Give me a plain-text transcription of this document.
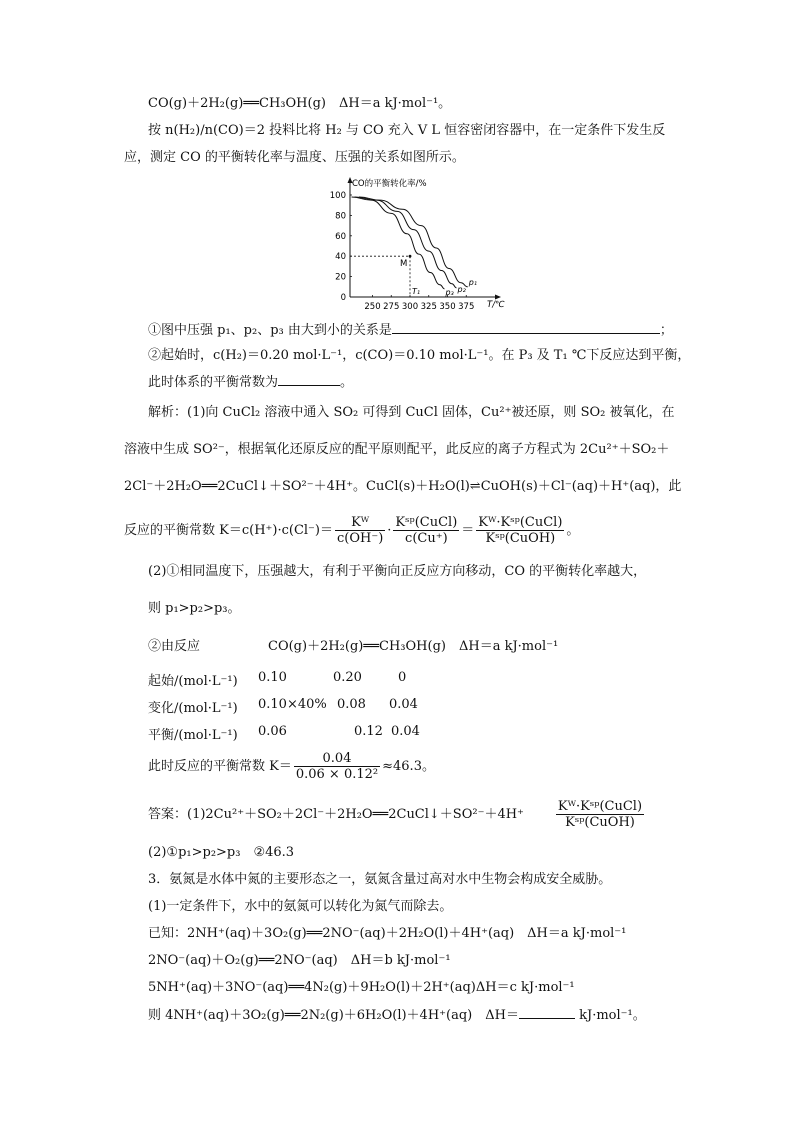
CO(g)＋2H₂(g)══CH₃OH(g)　ΔH＝a kJ·mol⁻¹。
按 n(H₂)/n(CO)＝2 投料比将 H₂ 与 CO 充入 V L 恒容密闭容器中，在一定条件下发生反
应，测定 CO 的平衡转化率与温度、压强的关系如图所示。
CO的平衡转化率/%
T/℃
0
20
40
60
80
100
250 275 300 325 350 375
p₁
p₂
p₃
M
T₁
①图中压强 p₁、p₂、p₃ 由大到小的关系是	；
②起始时，c(H₂)＝0.20 mol·L⁻¹，c(CO)＝0.10 mol·L⁻¹。在 P₃ 及 T₁ ℃下反应达到平衡，
此时体系的平衡常数为	。
解析：(1)向 CuCl₂ 溶液中通入 SO₂ 可得到 CuCl 固体，Cu²⁺被还原，则 SO₂ 被氧化，在
溶液中生成 SO²⁻，根据氧化还原反应的配平原则配平，此反应的离子方程式为 2Cu²⁺＋SO₂＋
2Cl⁻＋2H₂O══2CuCl↓＋SO²⁻＋4H⁺。CuCl(s)＋H₂O(l)⇌CuOH(s)＋Cl⁻(aq)＋H⁺(aq)，此
反应的平衡常数 $K=c(H^+)\cdot c(Cl^-)= \frac{\text{Kᵂ}}{c(OH^-)} \cdot \frac{\text{Kˢᵖ(CuCl)}}{c(Cu^+)} = \frac{\text{Kᵂ·Kˢᵖ(CuCl)}}{\text{Kˢᵖ(CuOH)}}$ 。
(2)①相同温度下，压强越大，有利于平衡向正反应方向移动，CO 的平衡转化率越大，
则 p₁>p₂>p₃。
②由反应	CO(g)＋2H₂(g)══CH₃OH(g)　ΔH＝a kJ·mol⁻¹
起始/(mol·L⁻¹) 0.10	0.20	0
变化/(mol·L⁻¹) 0.10×40% 0.08 0.04
平衡/(mol·L⁻¹) 0.06	0.12 0.04
此时反应的平衡常数 $K= \frac{0.04}{\text{0.06 × 0.12²}} \approx 46.3$。
答案：(1)2Cu²⁺＋SO₂＋2Cl⁻＋2H₂O══2CuCl↓＋SO²⁻＋4H⁺ $\frac{\text{Kᵂ·Kˢᵖ(CuCl)}}{\text{Kˢᵖ(CuOH)}}$
(2)①p₁>p₂>p₃　②46.3
3．氨氮是水体中氮的主要形态之一，氨氮含量过高对水中生物会构成安全威胁。
(1)一定条件下，水中的氨氮可以转化为氮气而除去。
已知：2NH⁺(aq)＋3O₂(g)══2NO⁻(aq)＋2H₂O(l)＋4H⁺(aq)　ΔH＝a kJ·mol⁻¹
2NO⁻(aq)＋O₂(g)══2NO⁻(aq)　ΔH＝b kJ·mol⁻¹
5NH⁺(aq)＋3NO⁻(aq)══4N₂(g)＋9H₂O(l)＋2H⁺(aq)ΔH＝c kJ·mol⁻¹
则 4NH⁺(aq)＋3O₂(g)══2N₂(g)＋6H₂O(l)＋4H⁺(aq)　ΔH＝	kJ·mol⁻¹。
